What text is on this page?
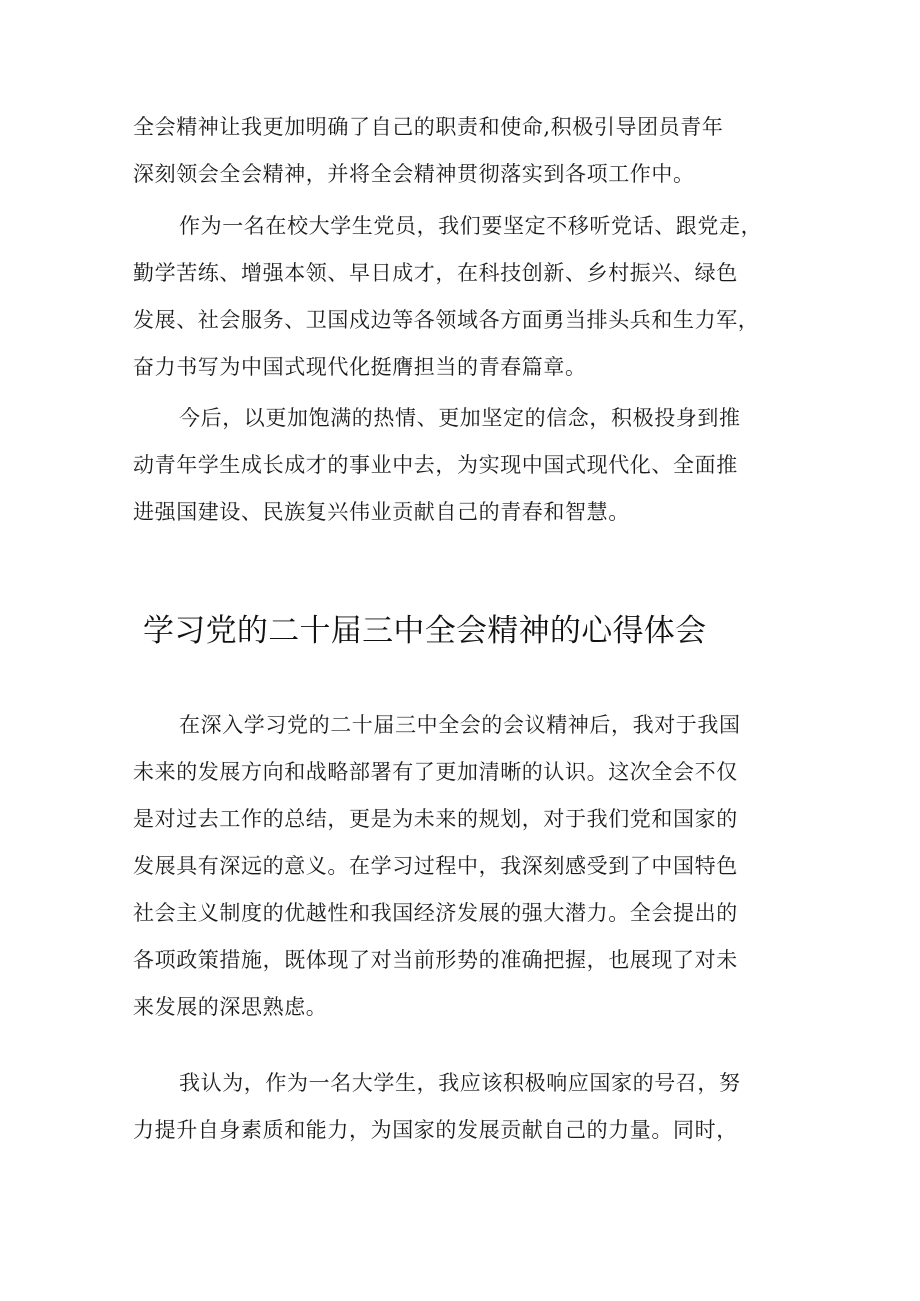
全会精神让我更加明确了自己的职责和使命,积极引导团员青年
深刻领会全会精神，并将全会精神贯彻落实到各项工作中。
作为一名在校大学生党员，我们要坚定不移听党话、跟党走，
勤学苦练、增强本领、早日成才，在科技创新、乡村振兴、绿色
发展、社会服务、卫国戍边等各领域各方面勇当排头兵和生力军，
奋力书写为中国式现代化挺膺担当的青春篇章。
今后，以更加饱满的热情、更加坚定的信念，积极投身到推
动青年学生成长成才的事业中去，为实现中国式现代化、全面推
进强国建设、民族复兴伟业贡献自己的青春和智慧。
学习党的二十届三中全会精神的心得体会
在深入学习党的二十届三中全会的会议精神后，我对于我国
未来的发展方向和战略部署有了更加清晰的认识。这次全会不仅
是对过去工作的总结，更是为未来的规划，对于我们党和国家的
发展具有深远的意义。在学习过程中，我深刻感受到了中国特色
社会主义制度的优越性和我国经济发展的强大潜力。全会提出的
各项政策措施，既体现了对当前形势的准确把握，也展现了对未
来发展的深思熟虑。
我认为，作为一名大学生，我应该积极响应国家的号召，努
力提升自身素质和能力，为国家的发展贡献自己的力量。同时，
